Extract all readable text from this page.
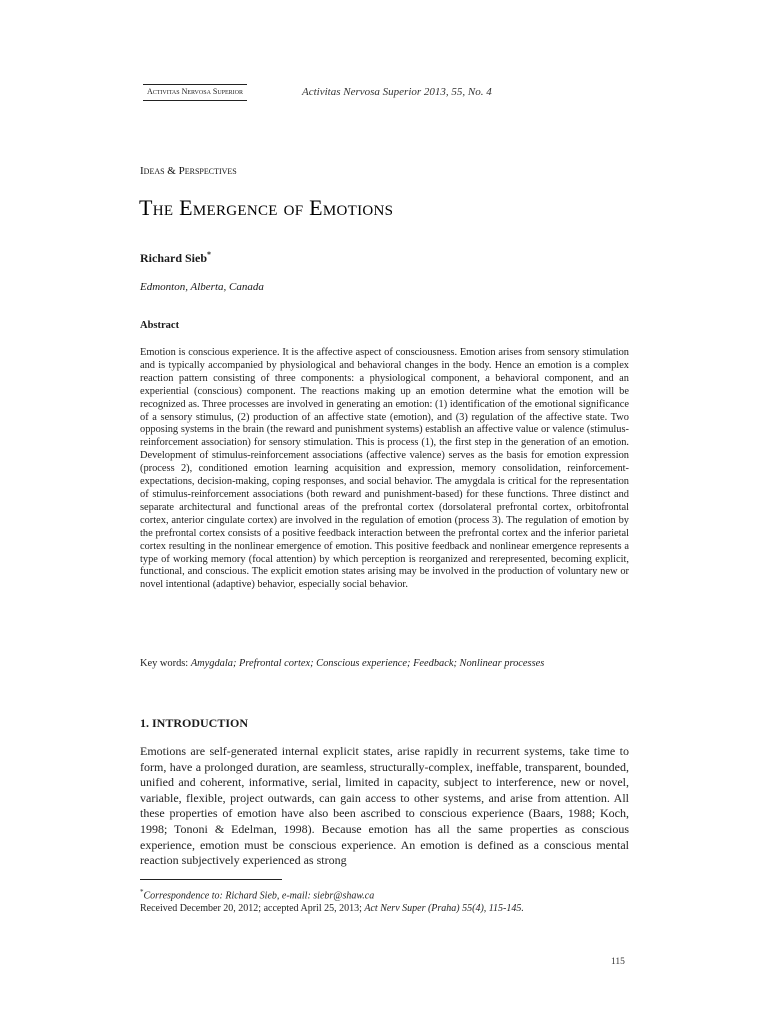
Activitas Nervosa Superior	Activitas Nervosa Superior 2013, 55, No. 4
Ideas & Perspectives
The Emergence of Emotions
Richard Sieb*
Edmonton, Alberta, Canada
Abstract

Emotion is conscious experience. It is the affective aspect of consciousness. Emotion arises from sensory stimulation and is typically accompanied by physiological and behavioral changes in the body. Hence an emotion is a complex reaction pattern consisting of three components: a physiological component, a behavioral component, and an experiential (conscious) component. The reactions making up an emotion determine what the emotion will be recognized as. Three processes are involved in generating an emotion: (1) identification of the emotional significance of a sensory stimulus, (2) production of an affective state (emotion), and (3) regulation of the affective state. Two opposing systems in the brain (the reward and punishment systems) establish an affective value or valence (stimulus-reinforcement association) for sensory stimulation. This is process (1), the first step in the generation of an emotion. Development of stimulus-reinforcement associations (affective valence) serves as the basis for emotion expression (process 2), conditioned emotion learning acquisition and expression, memory consolidation, reinforcement-expectations, decision-making, coping responses, and social behavior. The amygdala is critical for the representation of stimulus-reinforcement associations (both reward and punishment-based) for these functions. Three distinct and separate architectural and functional areas of the prefrontal cortex (dorsolateral prefrontal cortex, orbitofrontal cortex, anterior cingulate cortex) are involved in the regulation of emotion (process 3). The regulation of emotion by the prefrontal cortex consists of a positive feedback interaction between the prefrontal cortex and the inferior parietal cortex resulting in the nonlinear emergence of emotion. This positive feedback and nonlinear emergence represents a type of working memory (focal attention) by which perception is reorganized and rerepresented, becoming explicit, functional, and conscious. The explicit emotion states arising may be involved in the production of voluntary new or novel intentional (adaptive) behavior, especially social behavior.

Key words: Amygdala; Prefrontal cortex; Conscious experience; Feedback; Nonlinear processes
1. INTRODUCTION

Emotions are self-generated internal explicit states, arise rapidly in recurrent systems, take time to form, have a prolonged duration, are seamless, structurally-complex, ineffable, transparent, bounded, unified and coherent, informative, serial, limited in capacity, subject to interference, new or novel, variable, flexible, project outwards, can gain access to other systems, and arise from attention. All these properties of emotion have also been ascribed to conscious experience (Baars, 1988; Koch, 1998; Tononi & Edelman, 1998). Because emotion has all the same properties as conscious experience, emotion must be conscious experience. An emotion is defined as a conscious mental reaction subjectively experienced as strong

*Correspondence to: Richard Sieb, e-mail: siebr@shaw.ca
Received December 20, 2012; accepted April 25, 2013; Act Nerv Super (Praha) 55(4), 115-145.
115
